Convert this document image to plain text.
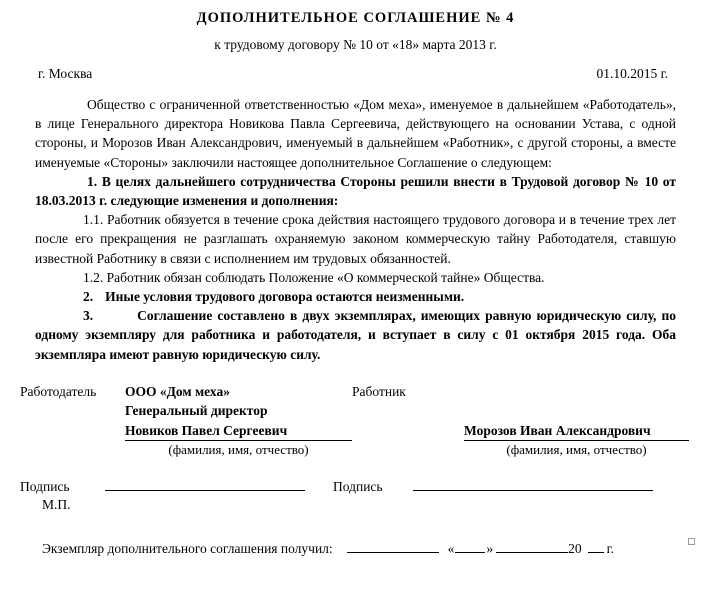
ДОПОЛНИТЕЛЬНОЕ СОГЛАШЕНИЕ № 4

к трудовому договору № 10 от «18» марта 2013 г.

г. Москва	01.10.2015 г.

Общество с ограниченной ответственностью «Дом меха», именуемое в дальнейшем «Работодатель», в лице Генерального директора Новикова Павла Сергеевича, действующего на основании Устава, с одной стороны, и Морозов Иван Александрович, именуемый в дальнейшем «Работник», с другой стороны, а вместе именуемые «Стороны» заключили настоящее дополнительное Соглашение о следующем:

1. В целях дальнейшего сотрудничества Стороны решили внести в Трудовой договор № 10 от 18.03.2013 г. следующие изменения и дополнения:

1.1. Работник обязуется в течение срока действия настоящего трудового договора и в течение трех лет после его прекращения не разглашать охраняемую законом коммерческую тайну Работодателя, ставшую известной Работнику в связи с исполнением им трудовых обязанностей.

1.2. Работник обязан соблюдать Положение «О коммерческой тайне» Общества.

2. Иные условия трудового договора остаются неизменными.

3.	Соглашение составлено в двух экземплярах, имеющих равную юридическую силу, по одному экземпляру для работника и работодателя, и вступает в силу с 01 октября 2015 года. Оба экземпляра имеют равную юридическую силу.

Работодатель	ООО «Дом меха»
Генеральный директор
Новиков Павел Сергеевич
(фамилия, имя, отчество)
Работник
Морозов Иван Александрович
(фамилия, имя, отчество)
Подпись	Подпись
М.П.
Экземпляр дополнительного соглашения получил:	« »	20 г.
